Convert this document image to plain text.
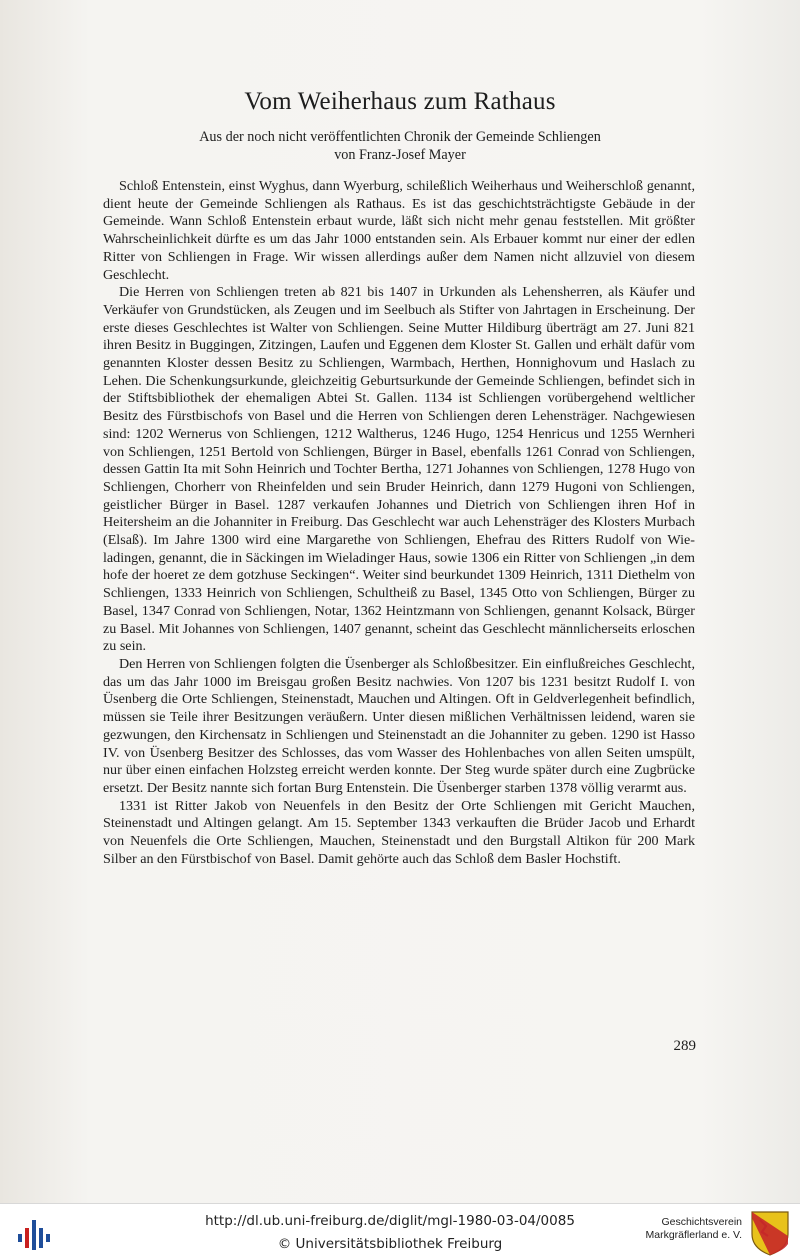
Vom Weiherhaus zum Rathaus
Aus der noch nicht veröffentlichten Chronik der Gemeinde Schliengen
von Franz-Josef Mayer

Schloß Entenstein, einst Wyghus, dann Wyerburg, schileßlich Weiherhaus und Weiherschloß genannt, dient heute der Gemeinde Schliengen als Rathaus. Es ist das geschichtsträchtigste Gebäude in der Gemeinde. Wann Schloß Entenstein erbaut wurde, läßt sich nicht mehr genau feststellen. Mit größter Wahrscheinlichkeit dürfte es um das Jahr 1000 entstanden sein. Als Erbauer kommt nur einer der edlen Ritter von Schliengen in Frage. Wir wissen allerdings außer dem Namen nicht allzuviel von diesem Geschlecht.

Die Herren von Schliengen treten ab 821 bis 1407 in Urkunden als Lehensherren, als Käufer und Verkäufer von Grundstücken, als Zeugen und im Seelbuch als Stifter von Jahrtagen in Erscheinung. Der erste dieses Geschlechtes ist Walter von Schliengen. Seine Mutter Hildiburg überträgt am 27. Juni 821 ihren Besitz in Buggingen, Zitzingen, Laufen und Eggenen dem Kloster St. Gallen und erhält dafür vom genannten Kloster dessen Besitz zu Schliengen, Warmbach, Herthen, Honnighovum und Haslach zu Lehen. Die Schenkungsurkunde, gleichzeitig Geburtsurkunde der Gemeinde Schliengen, befindet sich in der Stiftsbibliothek der ehemaligen Abtei St. Gallen. 1134 ist Schliengen vorübergehend weltlicher Besitz des Fürstbischofs von Basel und die Herren von Schliengen deren Lehensträger. Nachgewiesen sind: 1202 Wernerus von Schliengen, 1212 Waltherus, 1246 Hugo, 1254 Henricus und 1255 Wernheri von Schliengen, 1251 Bertold von Schliengen, Bürger in Basel, ebenfalls 1261 Conrad von Schliengen, dessen Gattin Ita mit Sohn Heinrich und Tochter Bertha, 1271 Johannes von Schliengen, 1278 Hugo von Schliengen, Chorherr von Rheinfelden und sein Bruder Heinrich, dann 1279 Hugoni von Schliengen, geistlicher Bürger in Basel. 1287 verkaufen Johannes und Dietrich von Schliengen ihren Hof in Heitersheim an die Johanniter in Freiburg. Das Geschlecht war auch Lehensträger des Klosters Murbach (Elsaß). Im Jahre 1300 wird eine Margarethe von Schliengen, Ehefrau des Ritters Rudolf von Wieladingen, genannt, die in Säckingen im Wieladinger Haus, sowie 1306 ein Ritter von Schliengen „in dem hofe der hoeret ze dem gotzhuse Seckingen“. Weiter sind beurkundet 1309 Heinrich, 1311 Diethelm von Schliengen, 1333 Heinrich von Schliengen, Schultheiß zu Basel, 1345 Otto von Schliengen, Bürger zu Basel, 1347 Conrad von Schliengen, Notar, 1362 Heintzmann von Schliengen, genannt Kolsack, Bürger zu Basel. Mit Johannes von Schliengen, 1407 genannt, scheint das Geschlecht männlicherseits erloschen zu sein.

Den Herren von Schliengen folgten die Üsenberger als Schloßbesitzer. Ein einflußreiches Geschlecht, das um das Jahr 1000 im Breisgau großen Besitz nachwies. Von 1207 bis 1231 besitzt Rudolf I. von Üsenberg die Orte Schliengen, Steinenstadt, Mauchen und Altingen. Oft in Geldverlegenheit befindlich, müssen sie Teile ihrer Besitzungen veräußern. Unter diesen mißlichen Verhältnissen leidend, waren sie gezwungen, den Kirchensatz in Schliengen und Steinenstadt an die Johanniter zu geben. 1290 ist Hasso IV. von Üsenberg Besitzer des Schlosses, das vom Wasser des Hohlenbaches von allen Seiten umspült, nur über einen einfachen Holzsteg erreicht werden konnte. Der Steg wurde später durch eine Zugbrücke ersetzt. Der Besitz nannte sich fortan Burg Entenstein. Die Üsenberger starben 1378 völlig verarmt aus.

1331 ist Ritter Jakob von Neuenfels in den Besitz der Orte Schliengen mit Gericht Mauchen, Steinenstadt und Altingen gelangt. Am 15. September 1343 verkauften die Brüder Jacob und Erhardt von Neuenfels die Orte Schliengen, Mauchen, Steinenstadt und den Burgstall Altikon für 200 Mark Silber an den Fürstbischof von Basel. Damit gehörte auch das Schloß dem Basler Hochstift.

289
http://dl.ub.uni-freiburg.de/diglit/mgl-1980-03-04/0085
© Universitätsbibliothek Freiburg
Geschichtsverein
Markgräflerland e. V.
